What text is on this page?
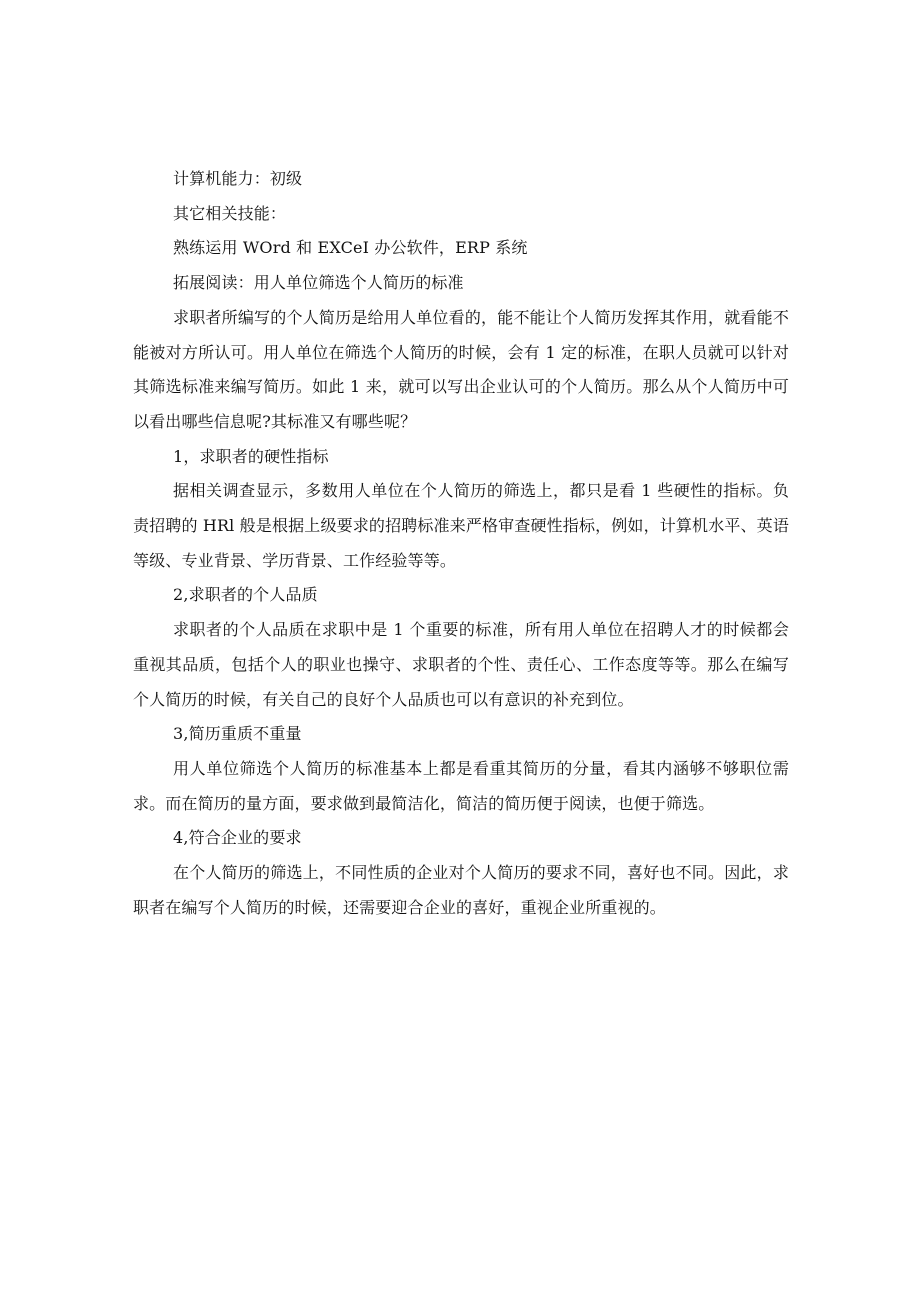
计算机能力：初级

其它相关技能：

熟练运用 WOrd 和 EXCeI 办公软件，ERP 系统

拓展阅读：用人单位筛选个人简历的标准

求职者所编写的个人简历是给用人单位看的，能不能让个人简历发挥其作用，就看能不能被对方所认可。用人单位在筛选个人简历的时候，会有 1 定的标准，在职人员就可以针对其筛选标准来编写简历。如此 1 来，就可以写出企业认可的个人简历。那么从个人简历中可以看出哪些信息呢?其标准又有哪些呢？

1，求职者的硬性指标

据相关调查显示，多数用人单位在个人简历的筛选上，都只是看 1 些硬性的指标。负责招聘的 HRl 般是根据上级要求的招聘标准来严格审查硬性指标，例如，计算机水平、英语等级、专业背景、学历背景、工作经验等等。

2,求职者的个人品质

求职者的个人品质在求职中是 1 个重要的标准，所有用人单位在招聘人才的时候都会重视其品质，包括个人的职业也操守、求职者的个性、责任心、工作态度等等。那么在编写个人简历的时候，有关自己的良好个人品质也可以有意识的补充到位。

3,简历重质不重量

用人单位筛选个人简历的标准基本上都是看重其简历的分量，看其内涵够不够职位需求。而在简历的量方面，要求做到最简洁化，简洁的简历便于阅读，也便于筛选。

4,符合企业的要求

在个人简历的筛选上，不同性质的企业对个人简历的要求不同，喜好也不同。因此，求职者在编写个人简历的时候，还需要迎合企业的喜好，重视企业所重视的。
